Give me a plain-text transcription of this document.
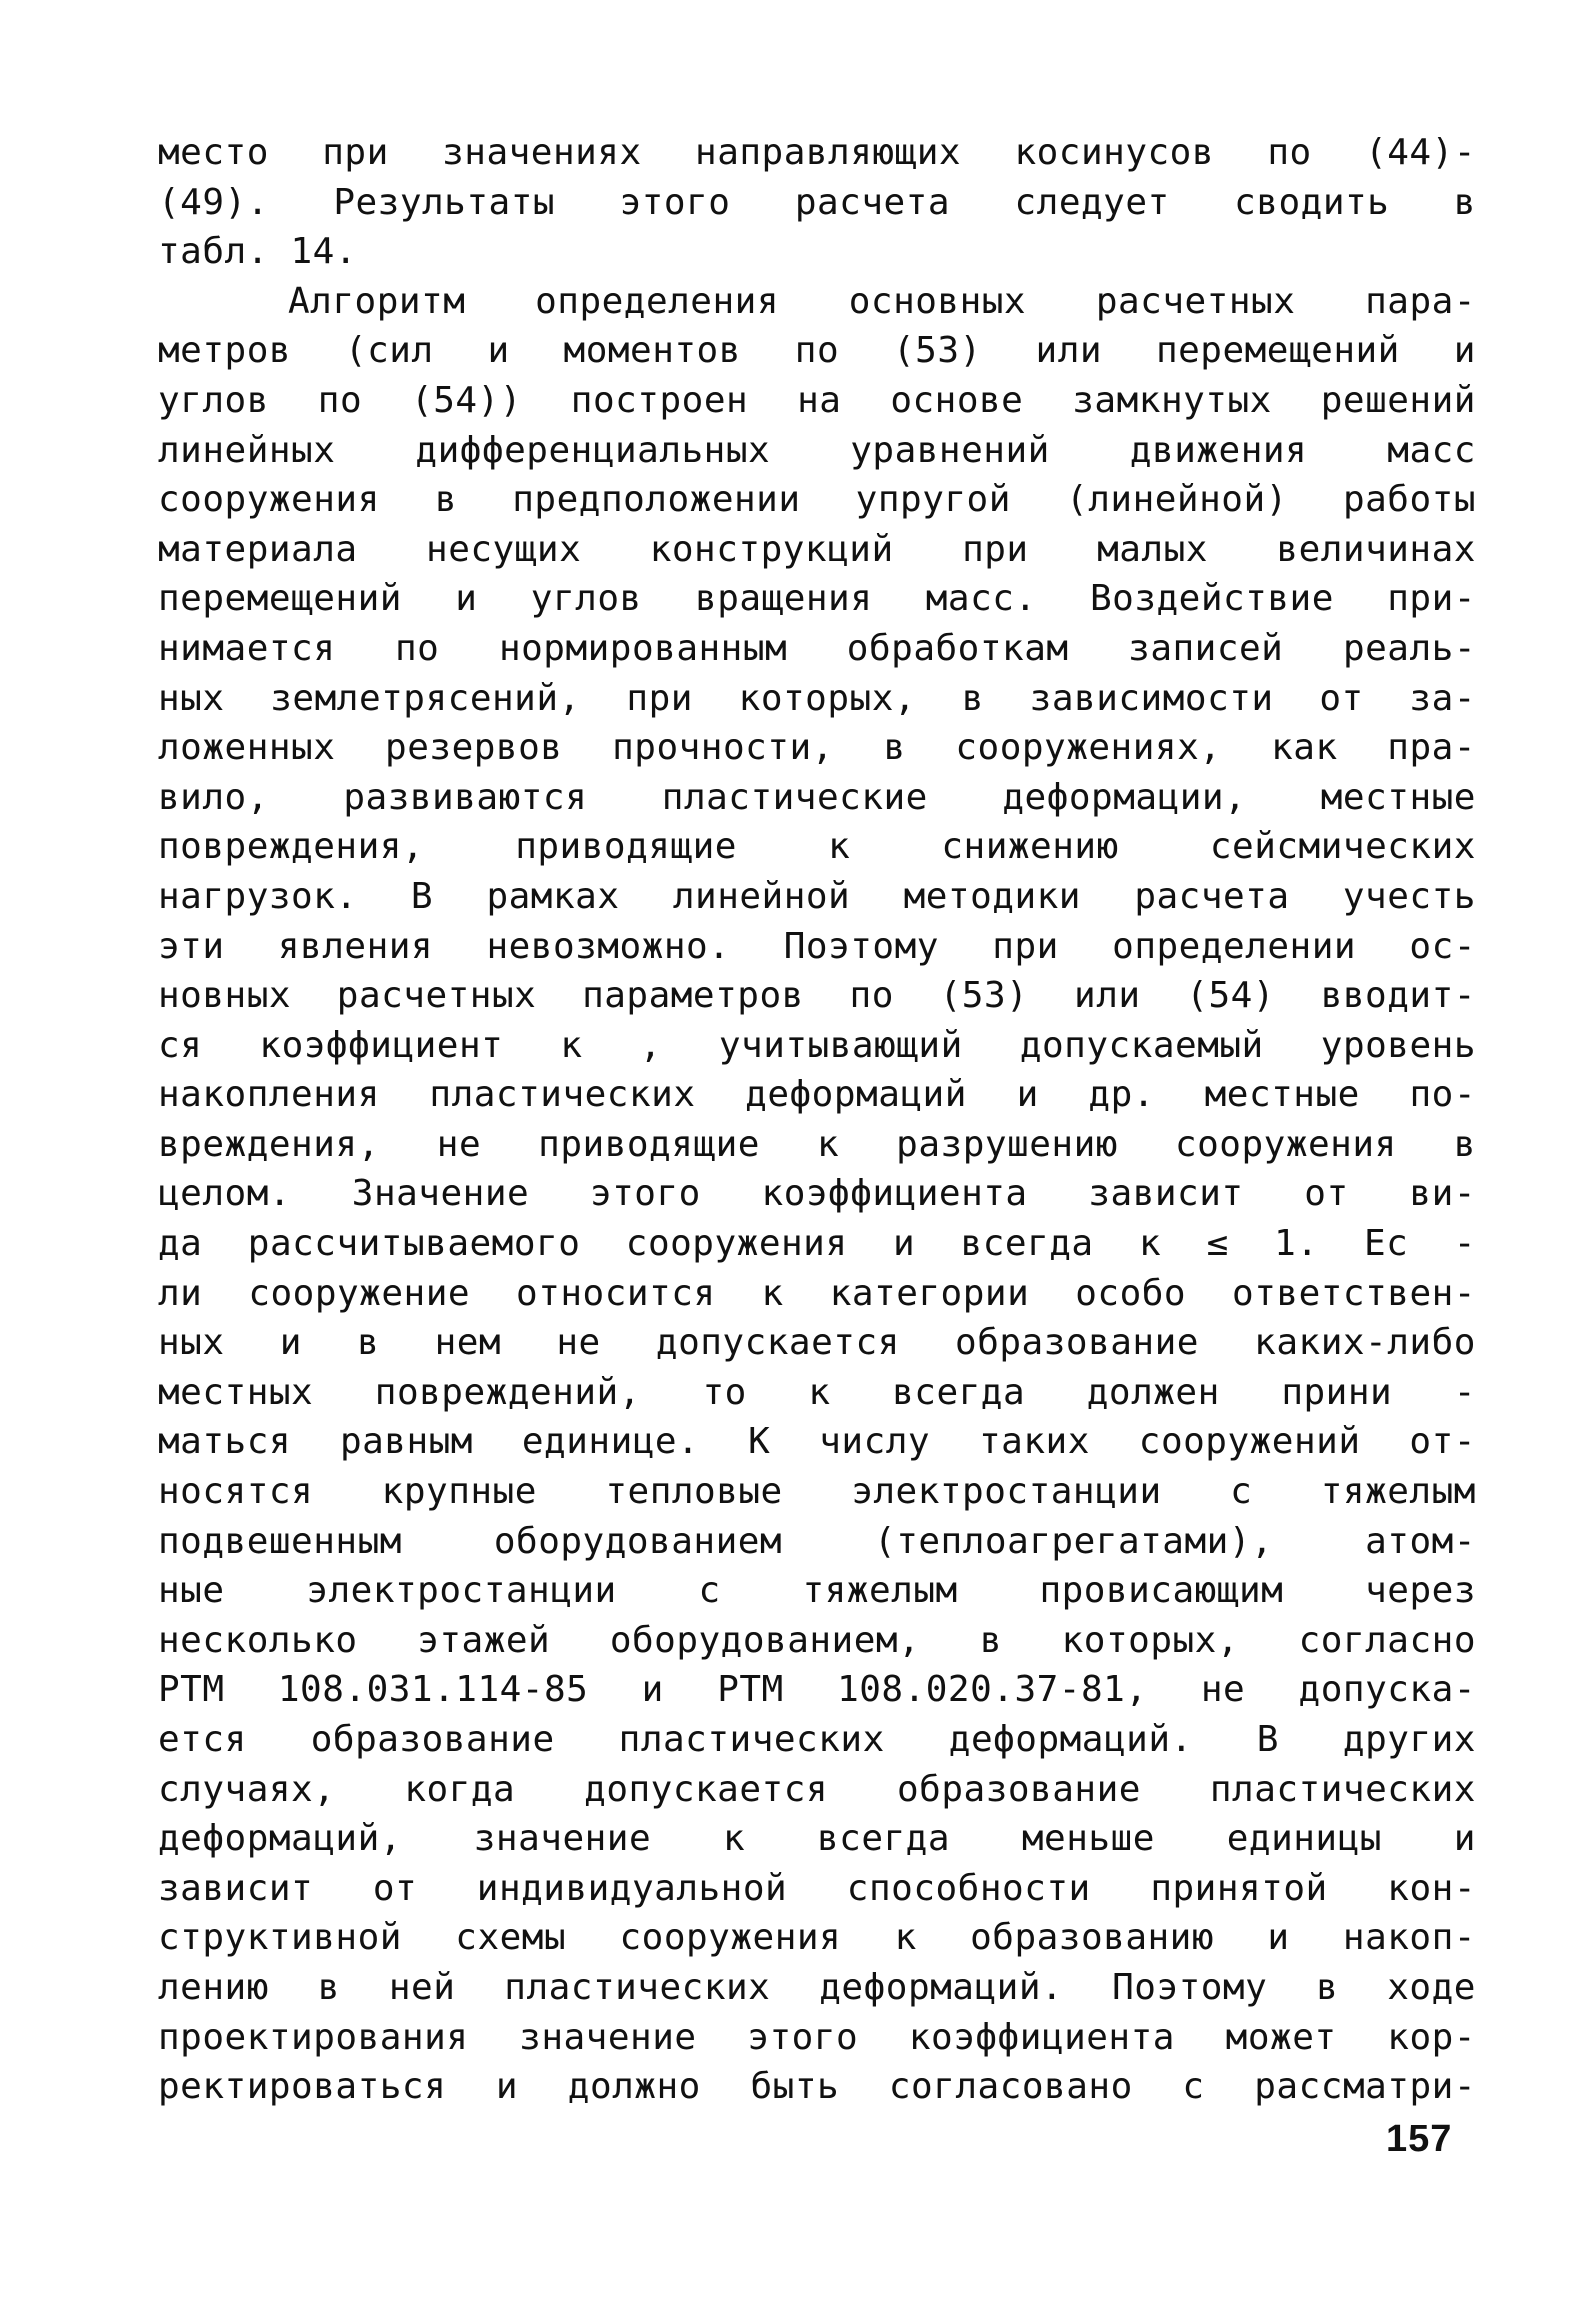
место при значениях направляющих косинусов по (44)-
(49). Результаты этого расчета следует сводить в
табл. 14.
Алгоритм определения основных расчетных пара-
метров (сил и моментов по (53) или перемещений и
углов по (54)) построен на основе замкнутых решений
линейных дифференциальных уравнений движения масс
сооружения в предположении упругой (линейной) работы
материала несущих конструкций при малых величинах
перемещений и углов вращения масс. Воздействие при-
нимается по нормированным обработкам записей реаль-
ных землетрясений, при которых, в зависимости от за-
ложенных резервов прочности, в сооружениях, как пра-
вило, развиваются пластические деформации, местные
повреждения,	приводящие	к	снижению	сейсмических
нагрузок. В рамках линейной методики расчета учесть
эти явления невозможно. Поэтому при определении ос-
новных расчетных параметров по (53) или (54) вводит-
ся коэффициент к , учитывающий допускаемый уровень
накопления пластических деформаций и др. местные по-
вреждения, не приводящие к разрушению сооружения в
целом. Значение этого коэффициента зависит от ви-
да рассчитываемого сооружения и всегда к ≤ 1. Ес -
ли сооружение относится к категории особо ответствен-
ных и в нем не допускается образование каких-либо
местных повреждений, то к всегда должен прини -
маться равным единице. К числу таких сооружений от-
носятся крупные тепловые электростанции с тяжелым
подвешенным	оборудованием	(теплоагрегатами),	атом-
ные электростанции с тяжелым провисающим через
несколько этажей оборудованием, в которых, согласно
РТМ 108.031.114-85 и РТМ 108.020.37-81, не допуска-
ется образование пластических деформаций. В других
случаях, когда допускается образование пластических
деформаций, значение к всегда меньше единицы и
зависит от индивидуальной способности принятой кон-
структивной схемы сооружения к образованию и накоп-
лению в ней пластических деформаций. Поэтому в ходе
проектирования значение этого коэффициента может кор-
ректироваться и должно быть согласовано с рассматри-
157
